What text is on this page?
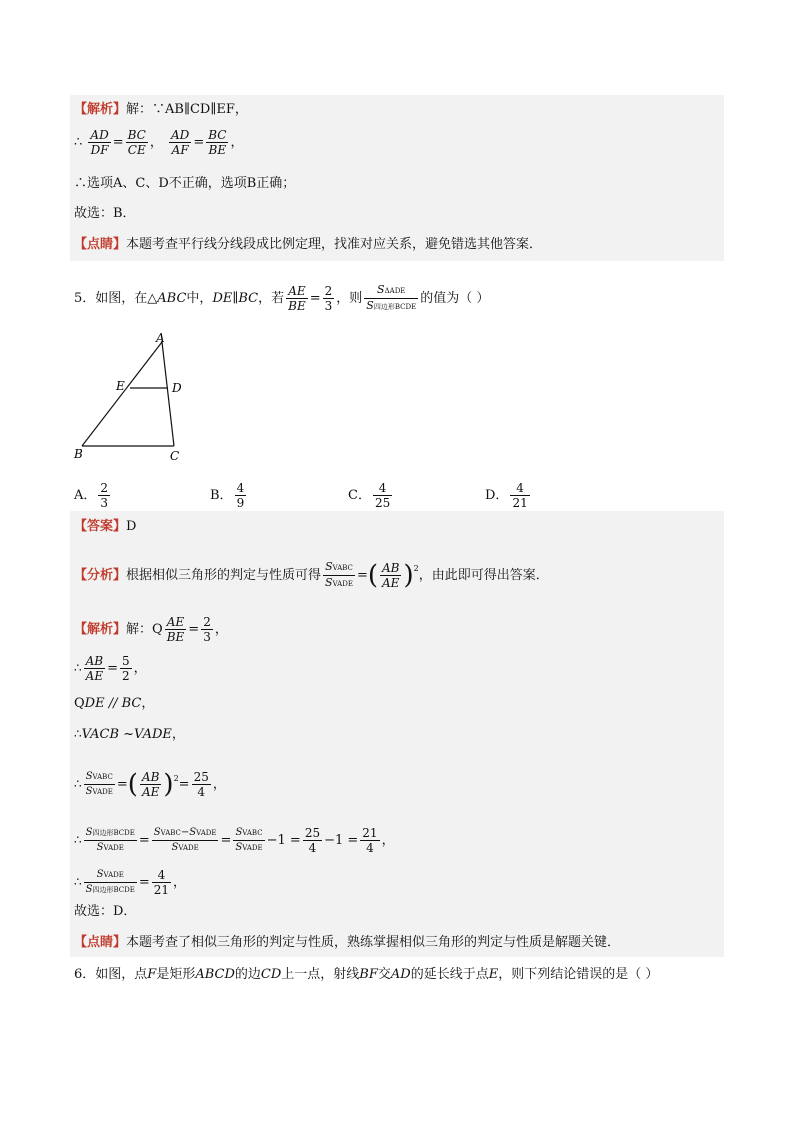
【解析】解：∵AB∥CD∥EF，
∴ $\frac{AD}{DF} = \frac{BC}{CE}$ ， $\frac{AD}{AF} = \frac{BC}{BE}$ ，
∴选项A、C、D不正确，选项B正确；
故选：B．
【点睛】本题考查平行线分线段成比例定理，找准对应关系，避免错选其他答案．
5．如图，在△ABC中，DE∥BC，若 $\frac{AE}{BE} = \frac{2}{3}$ ，则 $\frac{\text{SΔADE}}{\text{S四边形BCDE}}$ 的值为（ ）
A
E	D
B	C
A． $\frac{2}{3}$	B． $\frac{4}{9}$	C． $\frac{4}{25}$	D． $\frac{4}{21}$
【答案】D
【分析】根据相似三角形的判定与性质可得 $\frac{\text{SVABC}}{\text{SVADE}}$ =( $\frac{AB}{AE} )^2$，由此即可得出答案．
【解析】解：Q $\frac{AE}{BE} = \frac{2}{3}$ ，
∴ $\frac{AB}{AE} = \frac{5}{2}$ ，
QDE // BC，
∴VACB ~VADE，
∴ $\frac{\text{SVABC}}{\text{SVADE}}$ =( $\frac{AB}{AE} )^2= \frac{25}{4}$ ，
∴ $\frac{\text{S四边形BCDE}}{\text{SVADE}} = \frac{\text{SVABC−SVADE}}{\text{SVADE}} = \frac{\text{SVABC}}{\text{SVADE}} -1 = \frac{25}{4} -1 = \frac{21}{4}$ ，
∴ $\frac{\text{SVADE}}{\text{S四边形BCDE}} = \frac{4}{21}$ ，
故选：D．
【点睛】本题考查了相似三角形的判定与性质，熟练掌握相似三角形的判定与性质是解题关键．
6．如图，点F是矩形ABCD的边CD上一点，射线BF交AD的延长线于点E，则下列结论错误的是（ ）
